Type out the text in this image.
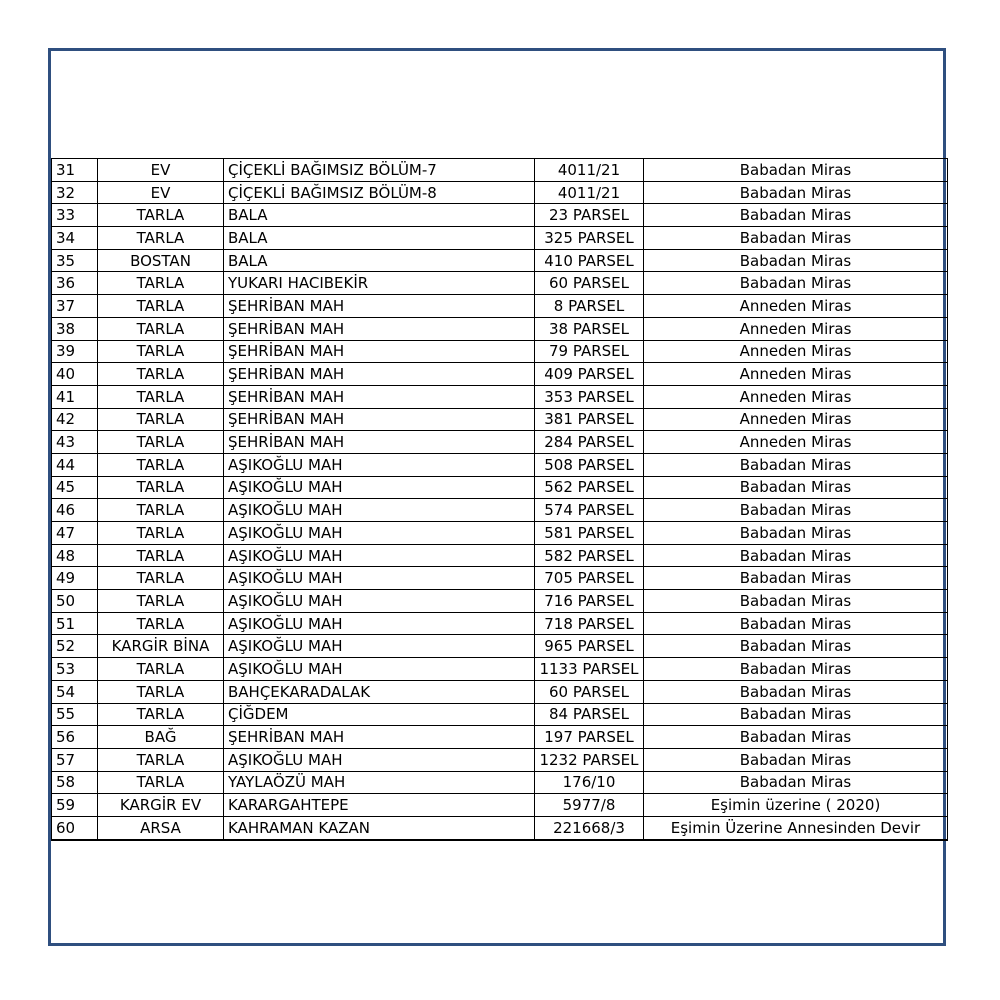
31	EV	ÇİÇEKLİ BAĞIMSIZ BÖLÜM-7	4011/21	Babadan Miras
32	EV	ÇİÇEKLİ BAĞIMSIZ BÖLÜM-8	4011/21	Babadan Miras
33	TARLA	BALA	23 PARSEL	Babadan Miras
34	TARLA	BALA	325 PARSEL	Babadan Miras
35	BOSTAN	BALA	410 PARSEL	Babadan Miras
36	TARLA	YUKARI HACIBEKİR	60 PARSEL	Babadan Miras
37	TARLA	ŞEHRİBAN MAH	8 PARSEL	Anneden Miras
38	TARLA	ŞEHRİBAN MAH	38 PARSEL	Anneden Miras
39	TARLA	ŞEHRİBAN MAH	79 PARSEL	Anneden Miras
40	TARLA	ŞEHRİBAN MAH	409 PARSEL	Anneden Miras
41	TARLA	ŞEHRİBAN MAH	353 PARSEL	Anneden Miras
42	TARLA	ŞEHRİBAN MAH	381 PARSEL	Anneden Miras
43	TARLA	ŞEHRİBAN MAH	284 PARSEL	Anneden Miras
44	TARLA	AŞIKOĞLU MAH	508 PARSEL	Babadan Miras
45	TARLA	AŞIKOĞLU MAH	562 PARSEL	Babadan Miras
46	TARLA	AŞIKOĞLU MAH	574 PARSEL	Babadan Miras
47	TARLA	AŞIKOĞLU MAH	581 PARSEL	Babadan Miras
48	TARLA	AŞIKOĞLU MAH	582 PARSEL	Babadan Miras
49	TARLA	AŞIKOĞLU MAH	705 PARSEL	Babadan Miras
50	TARLA	AŞIKOĞLU MAH	716 PARSEL	Babadan Miras
51	TARLA	AŞIKOĞLU MAH	718 PARSEL	Babadan Miras
52	KARGİR BİNA	AŞIKOĞLU MAH	965 PARSEL	Babadan Miras
53	TARLA	AŞIKOĞLU MAH	1133 PARSEL	Babadan Miras
54	TARLA	BAHÇEKARADALAK	60 PARSEL	Babadan Miras
55	TARLA	ÇİĞDEM	84 PARSEL	Babadan Miras
56	BAĞ	ŞEHRİBAN MAH	197 PARSEL	Babadan Miras
57	TARLA	AŞIKOĞLU MAH	1232 PARSEL	Babadan Miras
58	TARLA	YAYLAÖZÜ MAH	176/10	Babadan Miras
59	KARGİR EV	KARARGAHTEPE	5977/8	Eşimin üzerine ( 2020)
60	ARSA	KAHRAMAN KAZAN	221668/3	Eşimin Üzerine Annesinden Devir
